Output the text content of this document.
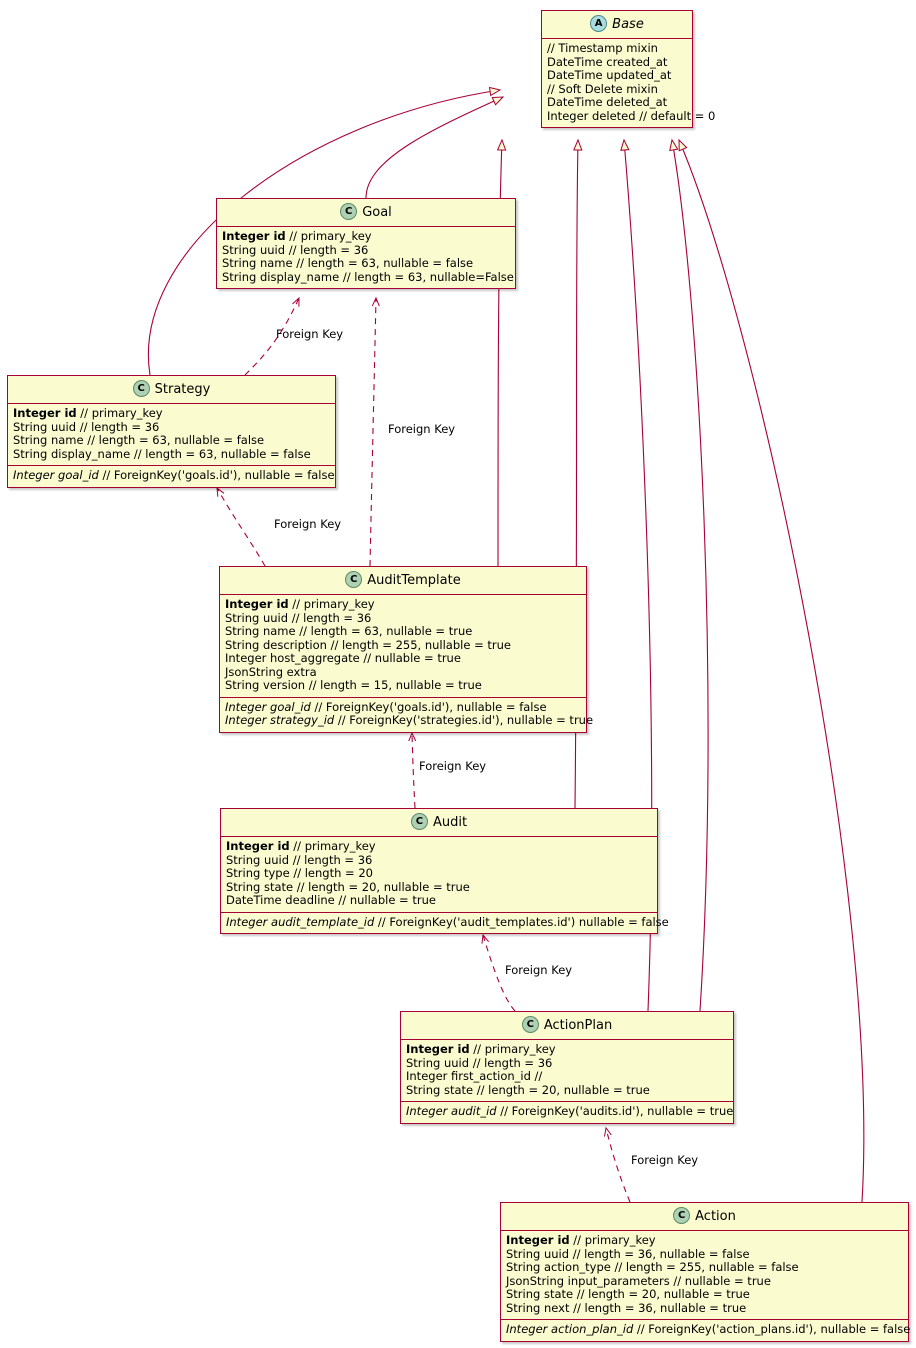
A Base
// Timestamp mixin
DateTime created_at
DateTime updated_at
// Soft Delete mixin
DateTime deleted_at
Integer deleted // default = 0
C Goal
Integer id // primary_key
String uuid // length = 36
String name // length = 63, nullable = false
String display_name // length = 63, nullable=False
C Strategy
Integer id // primary_key
String uuid // length = 36
String name // length = 63, nullable = false
String display_name // length = 63, nullable = false
Integer goal_id // ForeignKey('goals.id'), nullable = false
C AuditTemplate
Integer id // primary_key
String uuid // length = 36
String name // length = 63, nullable = true
String description // length = 255, nullable = true
Integer host_aggregate // nullable = true
JsonString extra
String version // length = 15, nullable = true
Integer goal_id // ForeignKey('goals.id'), nullable = false
Integer strategy_id // ForeignKey('strategies.id'), nullable = true
C Audit
Integer id // primary_key
String uuid // length = 36
String type // length = 20
String state // length = 20, nullable = true
DateTime deadline // nullable = true
Integer audit_template_id // ForeignKey('audit_templates.id') nullable = false
C ActionPlan
Integer id // primary_key
String uuid // length = 36
Integer first_action_id //
String state // length = 20, nullable = true
Integer audit_id // ForeignKey('audits.id'), nullable = true
C Action
Integer id // primary_key
String uuid // length = 36, nullable = false
String action_type // length = 255, nullable = false
JsonString input_parameters // nullable = true
String state // length = 20, nullable = true
String next // length = 36, nullable = true
Integer action_plan_id // ForeignKey('action_plans.id'), nullable = false
Foreign Key
Foreign Key
Foreign Key
Foreign Key
Foreign Key
Foreign Key
